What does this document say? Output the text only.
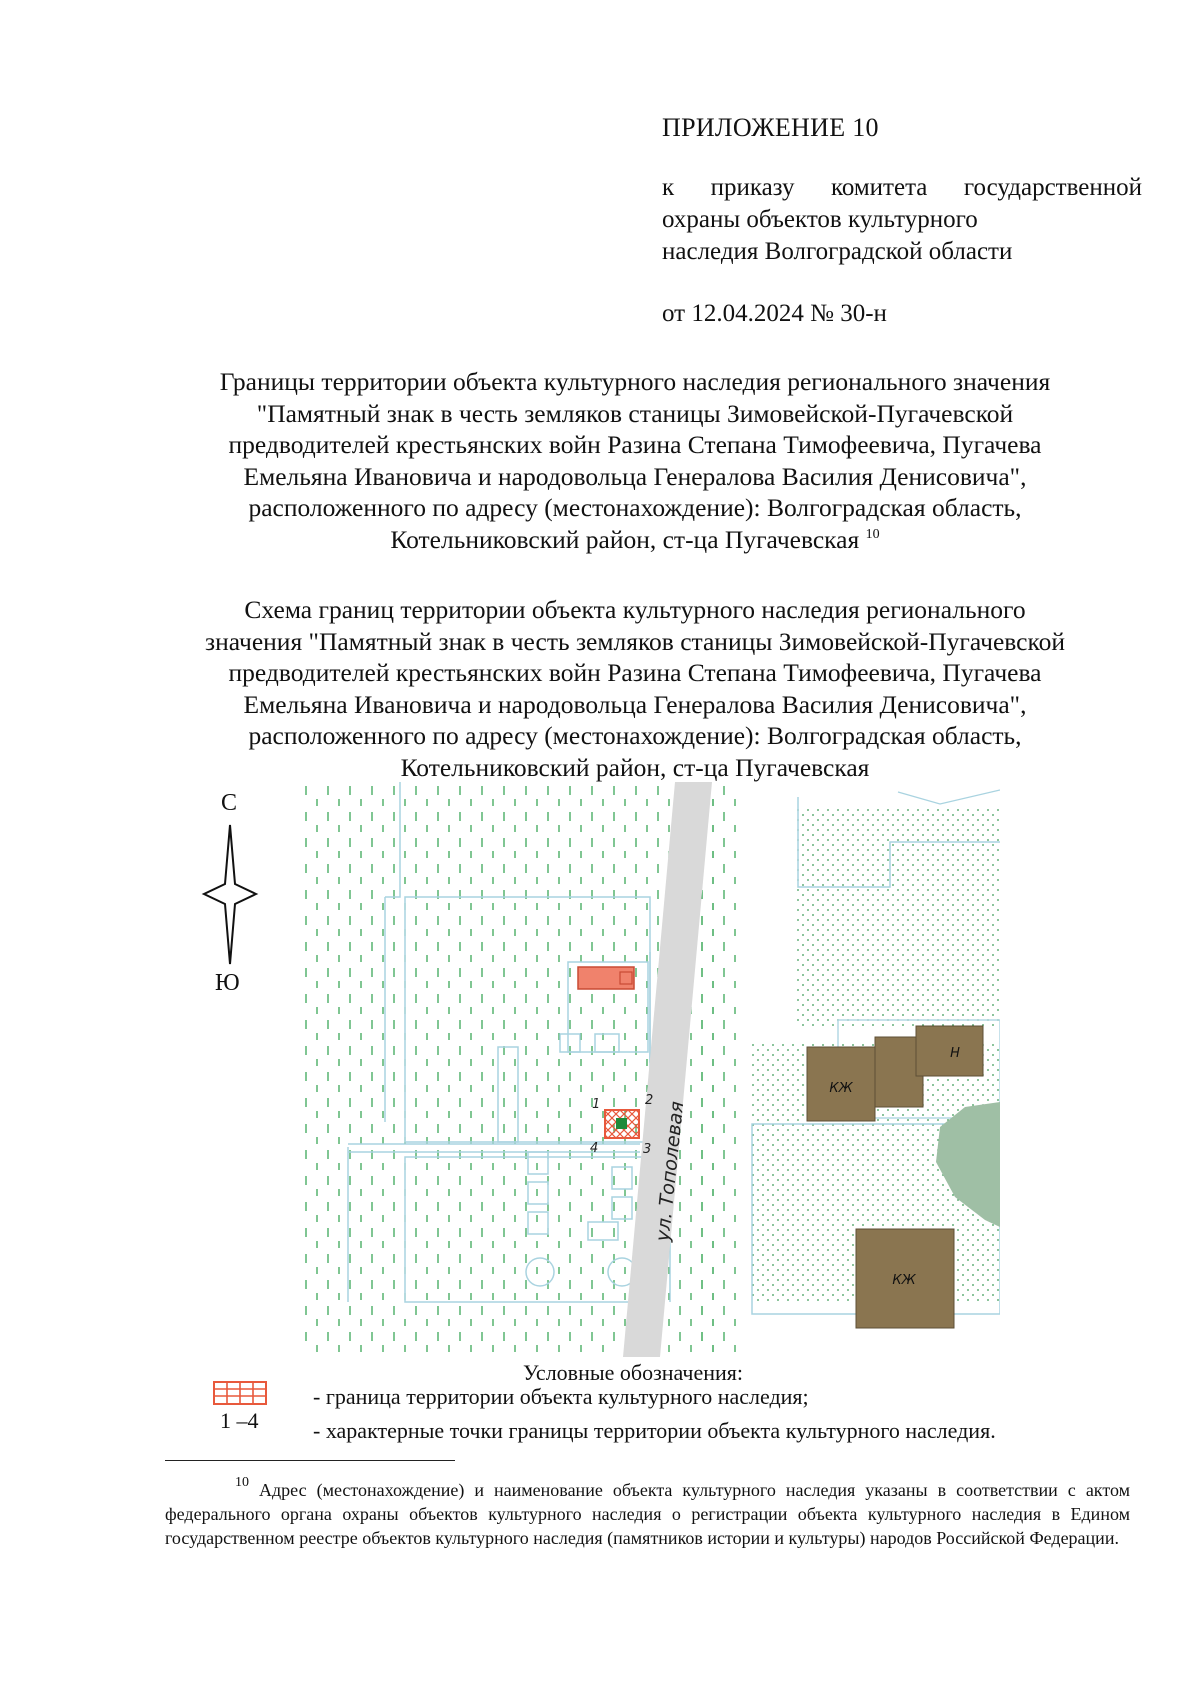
ПРИЛОЖЕНИЕ 10
к приказу комитета государственной
охраны объектов культурного
наследия Волгоградской области
от 12.04.2024 № 30-н
Границы территории объекта культурного наследия регионального значения
"Памятный знак в честь земляков станицы Зимовейской-Пугачевской
предводителей крестьянских войн Разина Степана Тимофеевича, Пугачева
Емельяна Ивановича и народовольца Генералова Василия Денисовича",
расположенного по адресу (местонахождение): Волгоградская область,
Котельниковский район, ст-ца Пугачевская $^{10}$
Схема границ территории объекта культурного наследия регионального
значения "Памятный знак в честь земляков станицы Зимовейской-Пугачевской
предводителей крестьянских войн Разина Степана Тимофеевича, Пугачева
Емельяна Ивановича и народовольца Генералова Василия Денисовича",
расположенного по адресу (местонахождение): Волгоградская область,
Котельниковский район, ст-ца Пугачевская
С
Ю
ул. Тополевая
КЖ
Н
КЖ
1	2
3
4
Условные обозначения:
- граница территории объекта культурного наследия;
1 –4 - характерные точки границы территории объекта культурного наследия.
$^{10}$ Адрес (местонахождение) и наименование объекта культурного наследия указаны в соответствии с актом федерального органа охраны объектов культурного наследия о регистрации объекта культурного наследия в Едином государственном реестре объектов культурного наследия (памятников истории и культуры) народов Российской Федерации.
